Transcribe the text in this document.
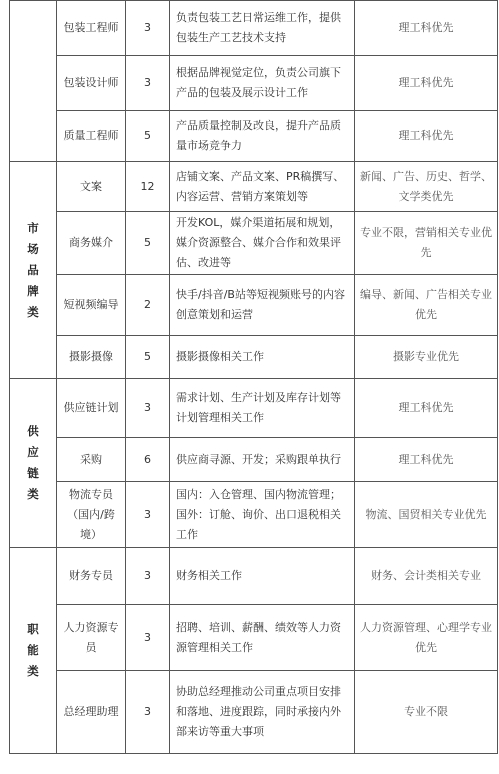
	包装工程师	3	负责包装工艺日常运维工作，提供包装生产工艺技术支持	理工科优先
	包装设计师	3	根据品牌视觉定位，负责公司旗下产品的包装及展示设计工作	理工科优先
	质量工程师	5	产品质量控制及改良，提升产品质量市场竞争力	理工科优先
市场品牌类	文案	12	店铺文案、产品文案、PR稿撰写、内容运营、营销方案策划等	新闻、广告、历史、哲学、文学类优先
	商务媒介	5	开发KOL，媒介渠道拓展和规划，媒介资源整合、媒介合作和效果评估、改进等	专业不限，营销相关专业优先
	短视频编导	2	快手/抖音/B站等短视频账号的内容创意策划和运营	编导、新闻、广告相关专业优先
	摄影摄像	5	摄影摄像相关工作	摄影专业优先
供应链类	供应链计划	3	需求计划、生产计划及库存计划等计划管理相关工作	理工科优先
	采购	6	供应商寻源、开发；采购跟单执行	理工科优先
	物流专员（国内/跨境）	3	国内：入仓管理、国内物流管理；国外：订舱、询价、出口退税相关工作	物流、国贸相关专业优先
职能类	财务专员	3	财务相关工作	财务、会计类相关专业
	人力资源专员	3	招聘、培训、薪酬、绩效等人力资源管理相关工作	人力资源管理、心理学专业优先
	总经理助理	3	协助总经理推动公司重点项目安排和落地、进度跟踪，同时承接内外部来访等重大事项	专业不限
